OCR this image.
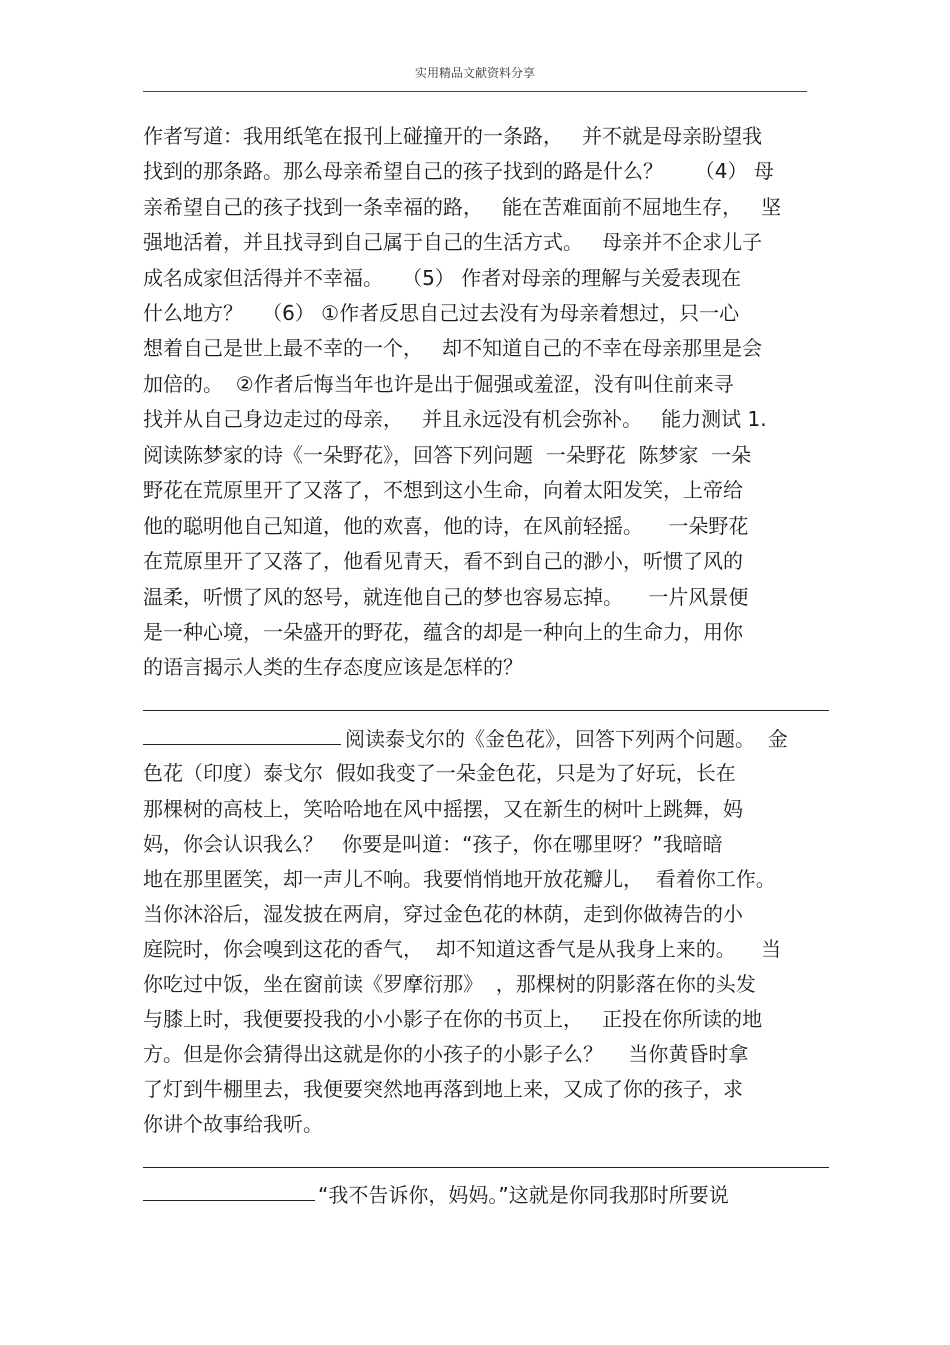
实用精品文献资料分享
作者写道：我用纸笔在报刊上碰撞开的一条路，   并不就是母亲盼望我
找到的那条路。那么母亲希望自己的孩子找到的路是什么？     （4） 母
亲希望自己的孩子找到一条幸福的路，   能在苦难面前不屈地生存，   坚
强地活着，并且找寻到自己属于自己的生活方式。   母亲并不企求儿子
成名成家但活得并不幸福。   （5） 作者对母亲的理解与关爱表现在
什么地方？   （6） ①作者反思自己过去没有为母亲着想过，只一心
想着自己是世上最不幸的一个，   却不知道自己的不幸在母亲那里是会
加倍的。  ②作者后悔当年也许是出于倔强或羞涩，没有叫住前来寻
找并从自己身边走过的母亲，   并且永远没有机会弥补。   能力测试 1.
阅读陈梦家的诗《一朵野花》，回答下列问题  一朵野花  陈梦家  一朵
野花在荒原里开了又落了，不想到这小生命，向着太阳发笑，上帝给
他的聪明他自己知道，他的欢喜，他的诗，在风前轻摇。    一朵野花
在荒原里开了又落了，他看见青天，看不到自己的渺小，听惯了风的
温柔，听惯了风的怒号，就连他自己的梦也容易忘掉。    一片风景便
是一种心境，一朵盛开的野花，蕴含的却是一种向上的生命力，用你
的语言揭示人类的生存态度应该是怎样的？
阅读泰戈尔的《金色花》，回答下列两个问题。  金
色花（印度）泰戈尔  假如我变了一朵金色花，只是为了好玩，长在
那棵树的高枝上，笑哈哈地在风中摇摆，又在新生的树叶上跳舞，妈
妈，你会认识我么？   你要是叫道：“孩子，你在哪里呀？”我暗暗
地在那里匿笑，却一声儿不响。我要悄悄地开放花瓣儿，  看着你工作。
当你沐浴后，湿发披在两肩，穿过金色花的林荫，走到你做祷告的小
庭院时，你会嗅到这花的香气，  却不知道这香气是从我身上来的。    当
你吃过中饭，坐在窗前读《罗摩衍那》  ，那棵树的阴影落在你的头发
与膝上时，我便要投我的小小影子在你的书页上，   正投在你所读的地
方。但是你会猜得出这就是你的小孩子的小影子么？    当你黄昏时拿
了灯到牛棚里去，我便要突然地再落到地上来，又成了你的孩子，求
你讲个故事给我听。
“我不告诉你，妈妈。”这就是你同我那时所要说
